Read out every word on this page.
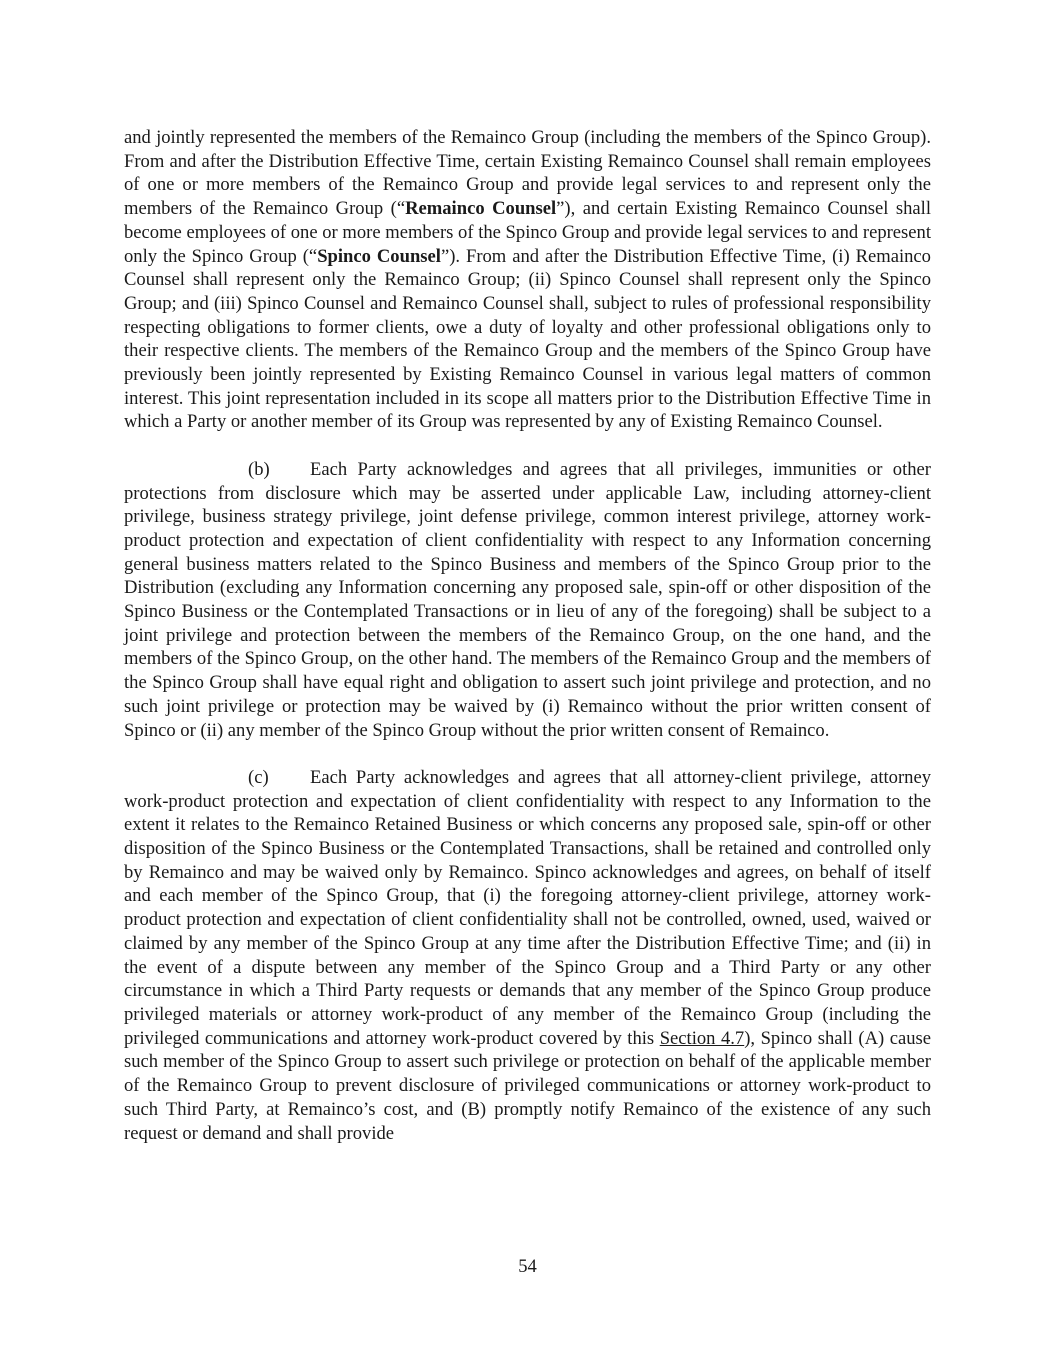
and jointly represented the members of the Remainco Group (including the members of the Spinco Group). From and after the Distribution Effective Time, certain Existing Remainco Counsel shall remain employees of one or more members of the Remainco Group and provide legal services to and represent only the members of the Remainco Group (“Remainco Counsel”), and certain Existing Remainco Counsel shall become employees of one or more members of the Spinco Group and provide legal services to and represent only the Spinco Group (“Spinco Counsel”). From and after the Distribution Effective Time, (i) Remainco Counsel shall represent only the Remainco Group; (ii) Spinco Counsel shall represent only the Spinco Group; and (iii) Spinco Counsel and Remainco Counsel shall, subject to rules of professional responsibility respecting obligations to former clients, owe a duty of loyalty and other professional obligations only to their respective clients. The members of the Remainco Group and the members of the Spinco Group have previously been jointly represented by Existing Remainco Counsel in various legal matters of common interest. This joint representation included in its scope all matters prior to the Distribution Effective Time in which a Party or another member of its Group was represented by any of Existing Remainco Counsel.

(b) Each Party acknowledges and agrees that all privileges, immunities or other protections from disclosure which may be asserted under applicable Law, including attorney-client privilege, business strategy privilege, joint defense privilege, common interest privilege, attorney work-product protection and expectation of client confidentiality with respect to any Information concerning general business matters related to the Spinco Business and members of the Spinco Group prior to the Distribution (excluding any Information concerning any proposed sale, spin-off or other disposition of the Spinco Business or the Contemplated Transactions or in lieu of any of the foregoing) shall be subject to a joint privilege and protection between the members of the Remainco Group, on the one hand, and the members of the Spinco Group, on the other hand. The members of the Remainco Group and the members of the Spinco Group shall have equal right and obligation to assert such joint privilege and protection, and no such joint privilege or protection may be waived by (i) Remainco without the prior written consent of Spinco or (ii) any member of the Spinco Group without the prior written consent of Remainco.

(c) Each Party acknowledges and agrees that all attorney-client privilege, attorney work-product protection and expectation of client confidentiality with respect to any Information to the extent it relates to the Remainco Retained Business or which concerns any proposed sale, spin-off or other disposition of the Spinco Business or the Contemplated Transactions, shall be retained and controlled only by Remainco and may be waived only by Remainco. Spinco acknowledges and agrees, on behalf of itself and each member of the Spinco Group, that (i) the foregoing attorney-client privilege, attorney work-product protection and expectation of client confidentiality shall not be controlled, owned, used, waived or claimed by any member of the Spinco Group at any time after the Distribution Effective Time; and (ii) in the event of a dispute between any member of the Spinco Group and a Third Party or any other circumstance in which a Third Party requests or demands that any member of the Spinco Group produce privileged materials or attorney work-product of any member of the Remainco Group (including the privileged communications and attorney work-product covered by this Section 4.7), Spinco shall (A) cause such member of the Spinco Group to assert such privilege or protection on behalf of the applicable member of the Remainco Group to prevent disclosure of privileged communications or attorney work-product to such Third Party, at Remainco’s cost, and (B) promptly notify Remainco of the existence of any such request or demand and shall provide

54
